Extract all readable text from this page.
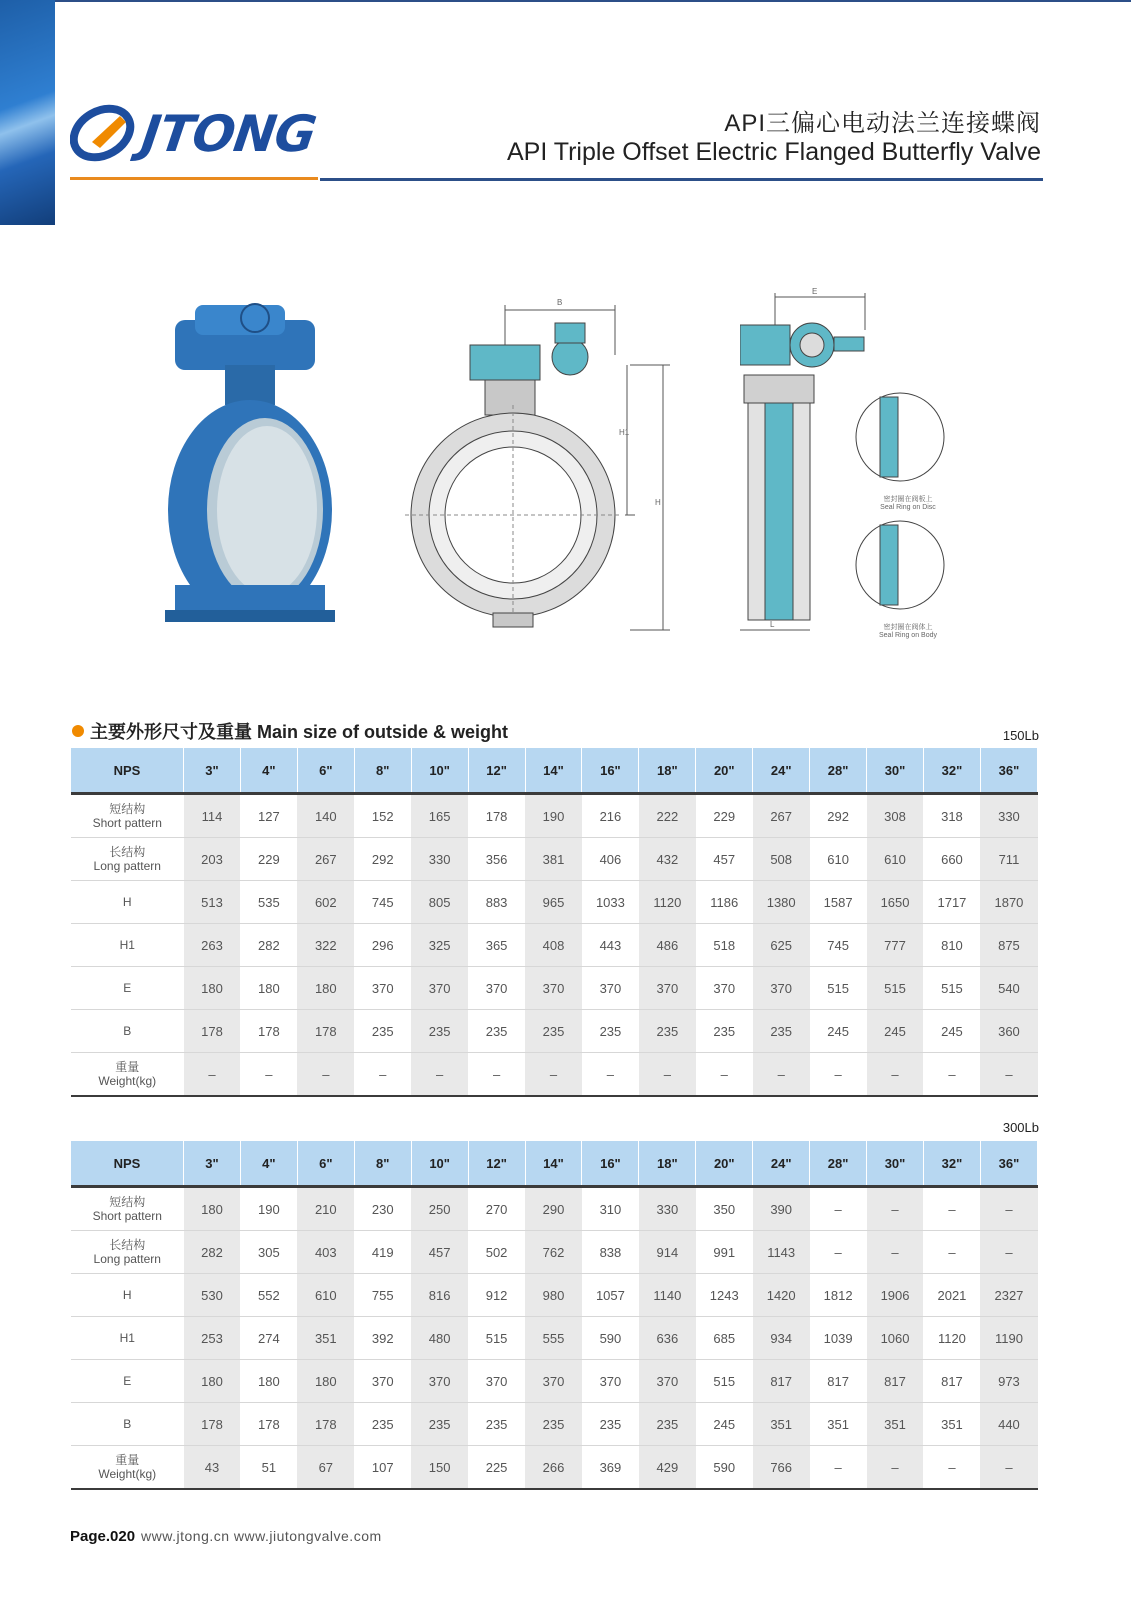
JTONG	API三偏心电动法兰连接蝶阀
API Triple Offset Electric Flanged Butterfly Valve
B
H1
H
E
L
密封圈在阀板上
Seal Ring on Disc
密封圈在阀体上
Seal Ring on Body
主要外形尺寸及重量 Main size of outside & weight	150Lb
NPS	3"	4"	6"	8"	10"	12"	14"	16"	18"	20"	24"	28"	30"	32"	36"

短结构
Short pattern	114	127	140	152	165	178	190	216	222	229	267	292	308	318	330

长结构
Long pattern	203	229	267	292	330	356	381	406	432	457	508	610	610	660	711

H	513	535	602	745	805	883	965	1033	1120	1186	1380	1587	1650	1717	1870

H1	263	282	322	296	325	365	408	443	486	518	625	745	777	810	875

E	180	180	180	370	370	370	370	370	370	370	370	515	515	515	540

B	178	178	178	235	235	235	235	235	235	235	235	245	245	245	360

重量
Weight(kg)	–	–	–	–	–	–	–	–	–	–	–	–	–	–	–
300Lb
NPS	3"	4"	6"	8"	10"	12"	14"	16"	18"	20"	24"	28"	30"	32"	36"

短结构
Short pattern	180	190	210	230	250	270	290	310	330	350	390	–	–	–	–

长结构
Long pattern	282	305	403	419	457	502	762	838	914	991	1143	–	–	–	–

H	530	552	610	755	816	912	980	1057	1140	1243	1420	1812	1906	2021	2327

H1	253	274	351	392	480	515	555	590	636	685	934	1039	1060	1120	1190

E	180	180	180	370	370	370	370	370	370	515	817	817	817	817	973

B	178	178	178	235	235	235	235	235	235	245	351	351	351	351	440

重量
Weight(kg)	43	51	67	107	150	225	266	369	429	590	766	–	–	–	–
Page.020 www.jtong.cn www.jiutongvalve.com
